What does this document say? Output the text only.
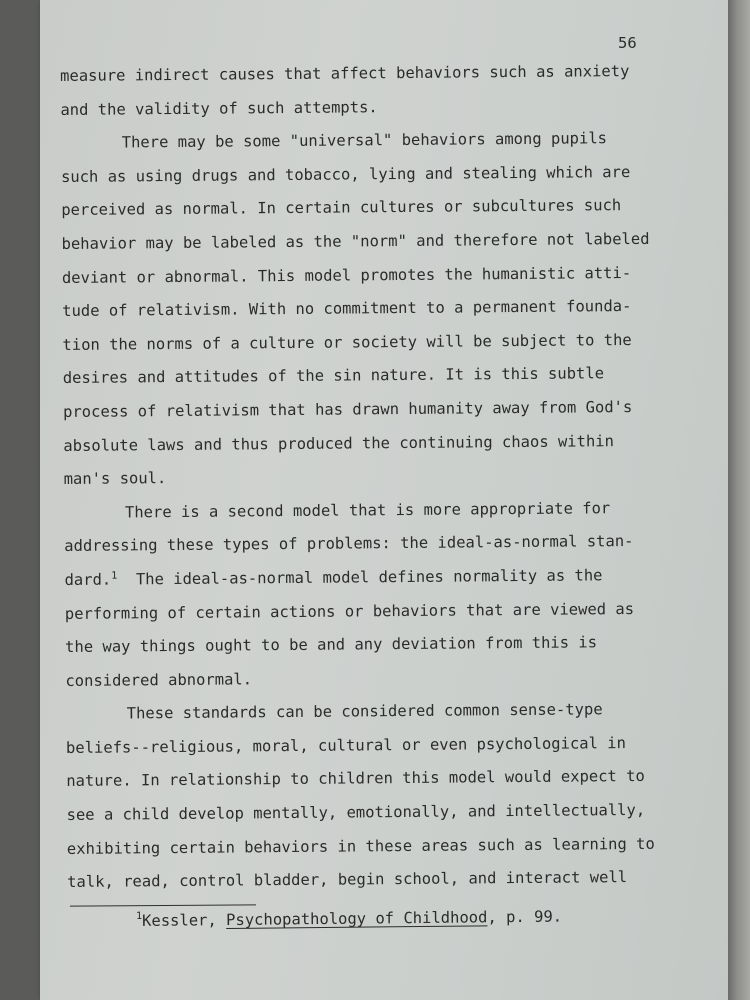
56
measure indirect causes that affect behaviors such as anxiety
and the validity of such attempts.
There may be some "universal" behaviors among pupils
such as using drugs and tobacco, lying and stealing which are
perceived as normal. In certain cultures or subcultures such
behavior may be labeled as the "norm" and therefore not labeled
deviant or abnormal. This model promotes the humanistic atti-
tude of relativism. With no commitment to a permanent founda-
tion the norms of a culture or society will be subject to the
desires and attitudes of the sin nature. It is this subtle
process of relativism that has drawn humanity away from God's
absolute laws and thus produced the continuing chaos within
man's soul.
There is a second model that is more appropriate for
addressing these types of problems: the ideal-as-normal stan-
dard.$^1$  The ideal-as-normal model defines normality as the
performing of certain actions or behaviors that are viewed as
the way things ought to be and any deviation from this is
considered abnormal.
These standards can be considered common sense-type
beliefs--religious, moral, cultural or even psychological in
nature. In relationship to children this model would expect to
see a child develop mentally, emotionally, and intellectually,
exhibiting certain behaviors in these areas such as learning to
talk, read, control bladder, begin school, and interact well
$^1$Kessler, Psychopathology of Childhood, p. 99.
